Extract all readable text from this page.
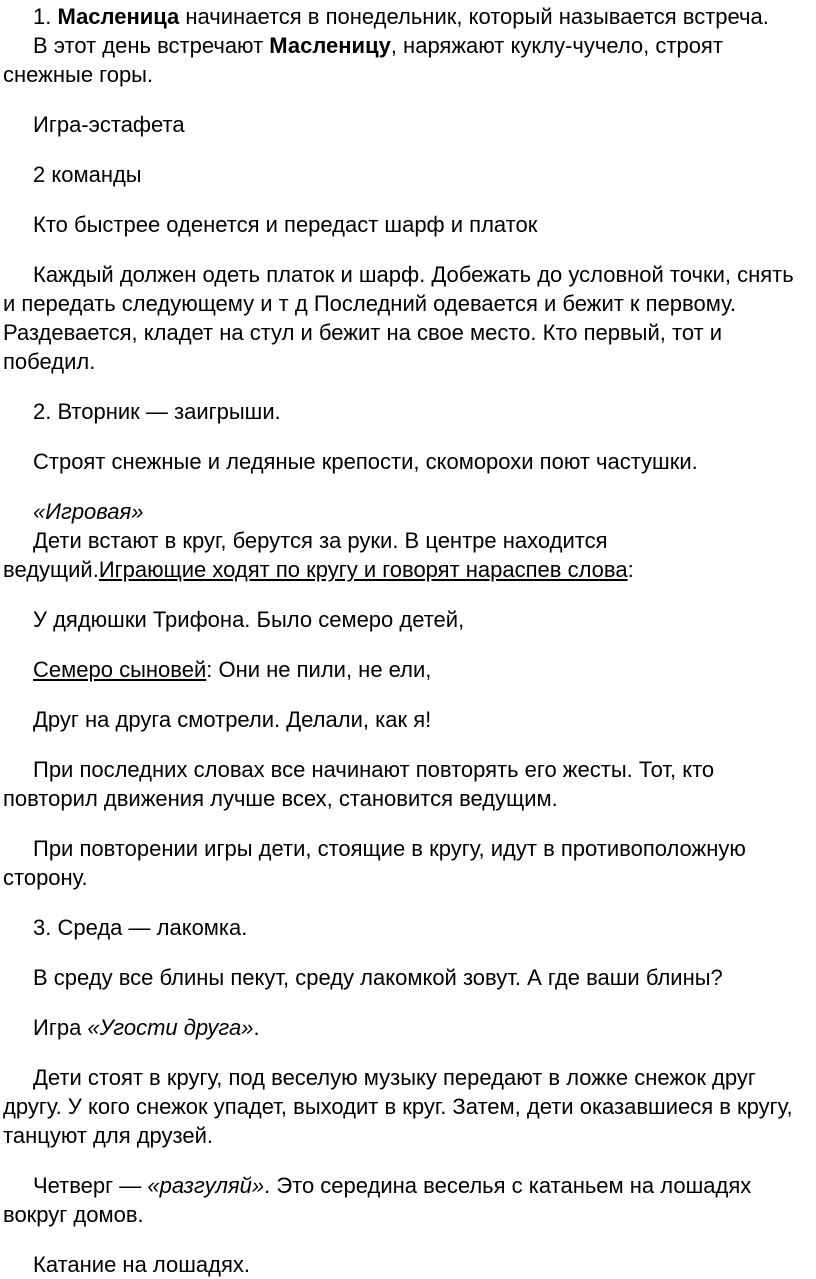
1. Масленица начинается в понедельник, который называется встреча.

В этот день встречают Масленицу, наряжают куклу-чучело, строят снежные горы.

Игра-эстафета

2 команды

Кто быстрее оденется и передаст шарф и платок

Каждый должен одеть платок и шарф. Добежать до условной точки, снять и передать следующему и т д Последний одевается и бежит к первому. Раздевается, кладет на стул и бежит на свое место. Кто первый, тот и победил.

2. Вторник — заигрыши.

Строят снежные и ледяные крепости, скоморохи поют частушки.

«Игровая»

Дети встают в круг, берутся за руки. В центре находится ведущий.Играющие ходят по кругу и говорят нараспев слова:

У дядюшки Трифона. Было семеро детей,

Семеро сыновей: Они не пили, не ели,

Друг на друга смотрели. Делали, как я!

При последних словах все начинают повторять его жесты. Тот, кто повторил движения лучше всех, становится ведущим.

При повторении игры дети, стоящие в кругу, идут в противоположную сторону.

3. Среда — лакомка.

В среду все блины пекут, среду лакомкой зовут. А где ваши блины?

Игра «Угости друга».

Дети стоят в кругу, под веселую музыку передают в ложке снежок друг другу. У кого снежок упадет, выходит в круг. Затем, дети оказавшиеся в кругу, танцуют для друзей.

Четверг — «разгуляй». Это середина веселья с катаньем на лошадях вокруг домов.

Катание на лошадях.
